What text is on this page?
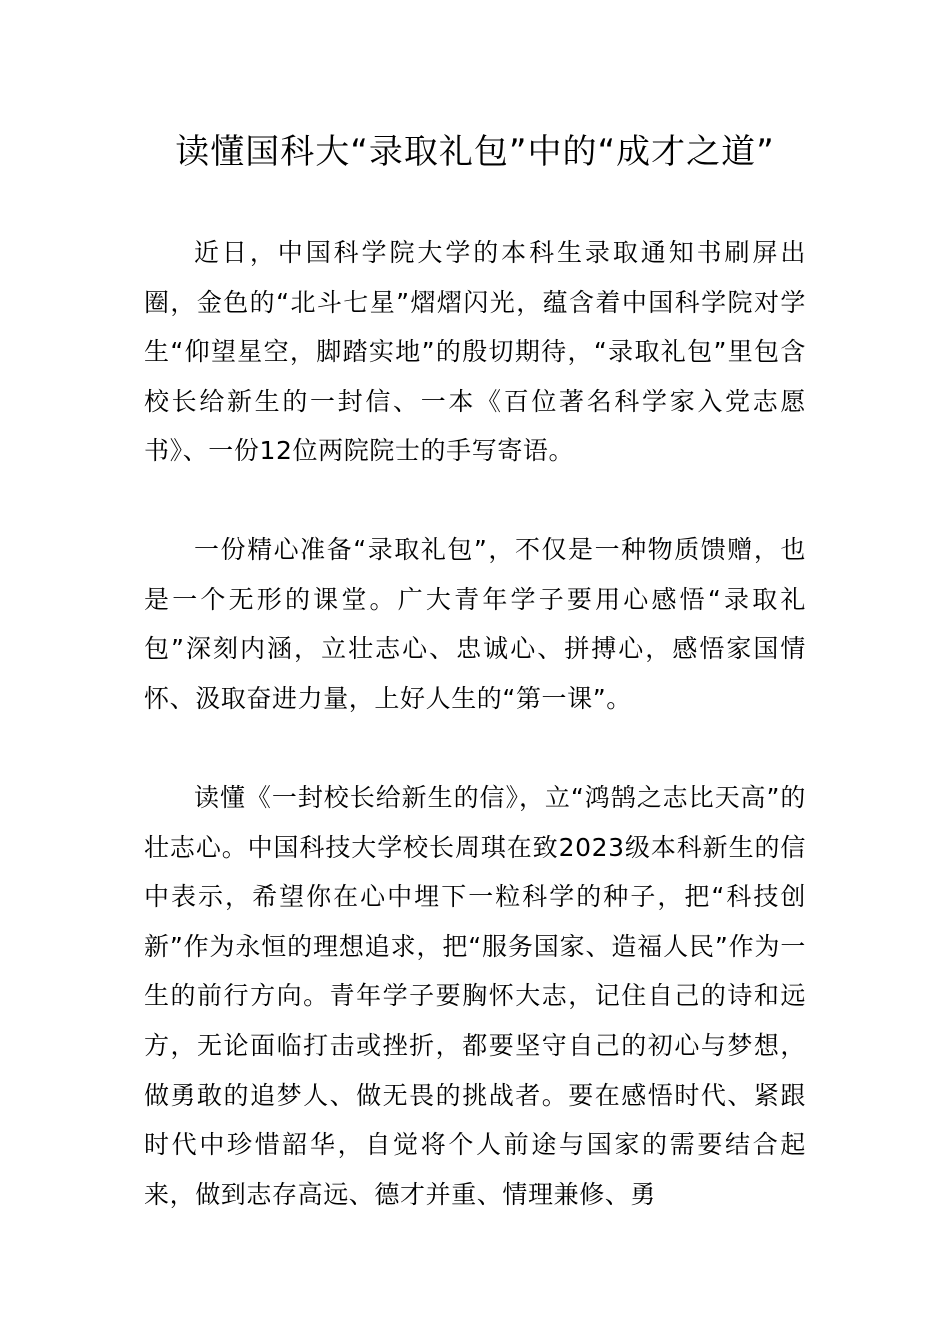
读懂国科大“录取礼包”中的“成才之道”

近日，中国科学院大学的本科生录取通知书刷屏出圈，金色的“北斗七星”熠熠闪光，蕴含着中国科学院对学生“仰望星空，脚踏实地”的殷切期待，“录取礼包”里包含校长给新生的一封信、一本《百位著名科学家入党志愿书》、一份12位两院院士的手写寄语。

一份精心准备“录取礼包”，不仅是一种物质馈赠，也是一个无形的课堂。广大青年学子要用心感悟“录取礼包”深刻内涵，立壮志心、忠诚心、拼搏心，感悟家国情怀、汲取奋进力量，上好人生的“第一课”。

读懂《一封校长给新生的信》，立“鸿鹄之志比天高”的壮志心。中国科技大学校长周琪在致2023级本科新生的信中表示，希望你在心中埋下一粒科学的种子，把“科技创新”作为永恒的理想追求，把“服务国家、造福人民”作为一生的前行方向。青年学子要胸怀大志，记住自己的诗和远方，无论面临打击或挫折，都要坚守自己的初心与梦想，做勇敢的追梦人、做无畏的挑战者。要在感悟时代、紧跟时代中珍惜韶华，自觉将个人前途与国家的需要结合起来，做到志存高远、德才并重、情理兼修、勇
